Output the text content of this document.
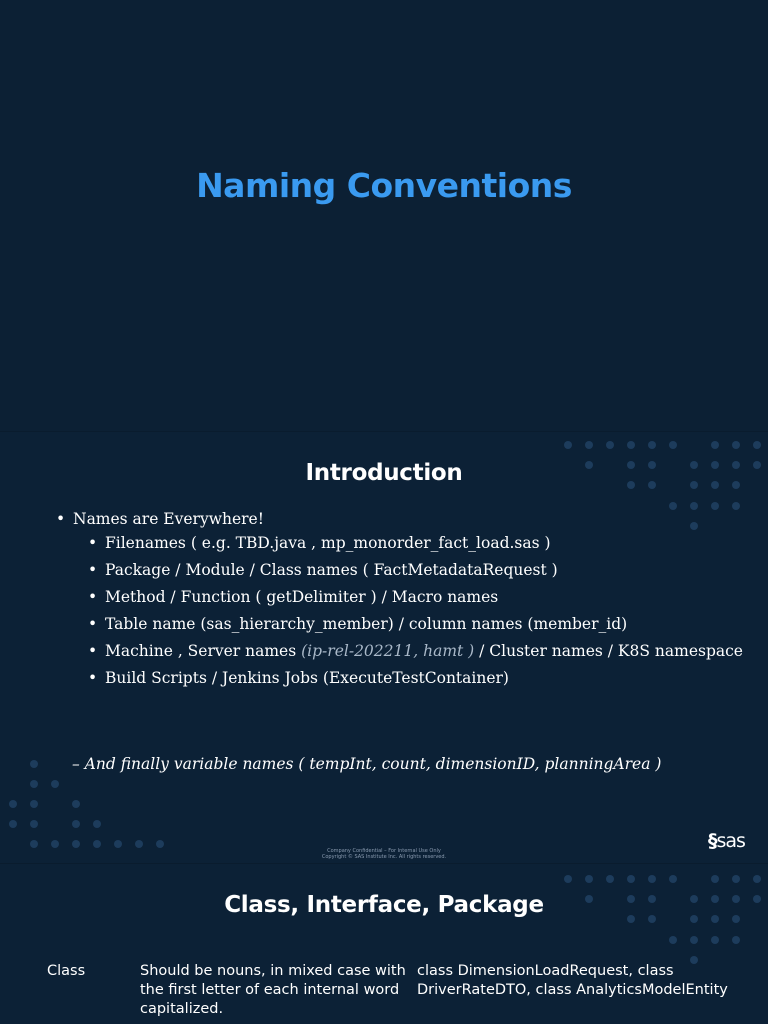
Naming Conventions
Introduction
• Names are Everywhere!
• Filenames ( e.g. TBD.java , mp_monorder_fact_load.sas )
• Package / Module / Class names ( FactMetadataRequest )
• Method / Function ( getDelimiter ) / Macro names
• Table name (sas_hierarchy_member) / column names (member_id)
• Machine , Server names (ip-rel-202211, hamt ) / Cluster names / K8S namespace
• Build Scripts / Jenkins Jobs (ExecuteTestContainer)
– And finally variable names ( tempInt, count, dimensionID, planningArea )
Company Confidential – For Internal Use Only
Copyright © SAS Institute Inc. All rights reserved.
§sas
Class, Interface, Package
Class	Should be nouns, in mixed case with the first letter of each internal word capitalized.
class DimensionLoadRequest, class DriverRateDTO, class AnalyticsModelEntity
